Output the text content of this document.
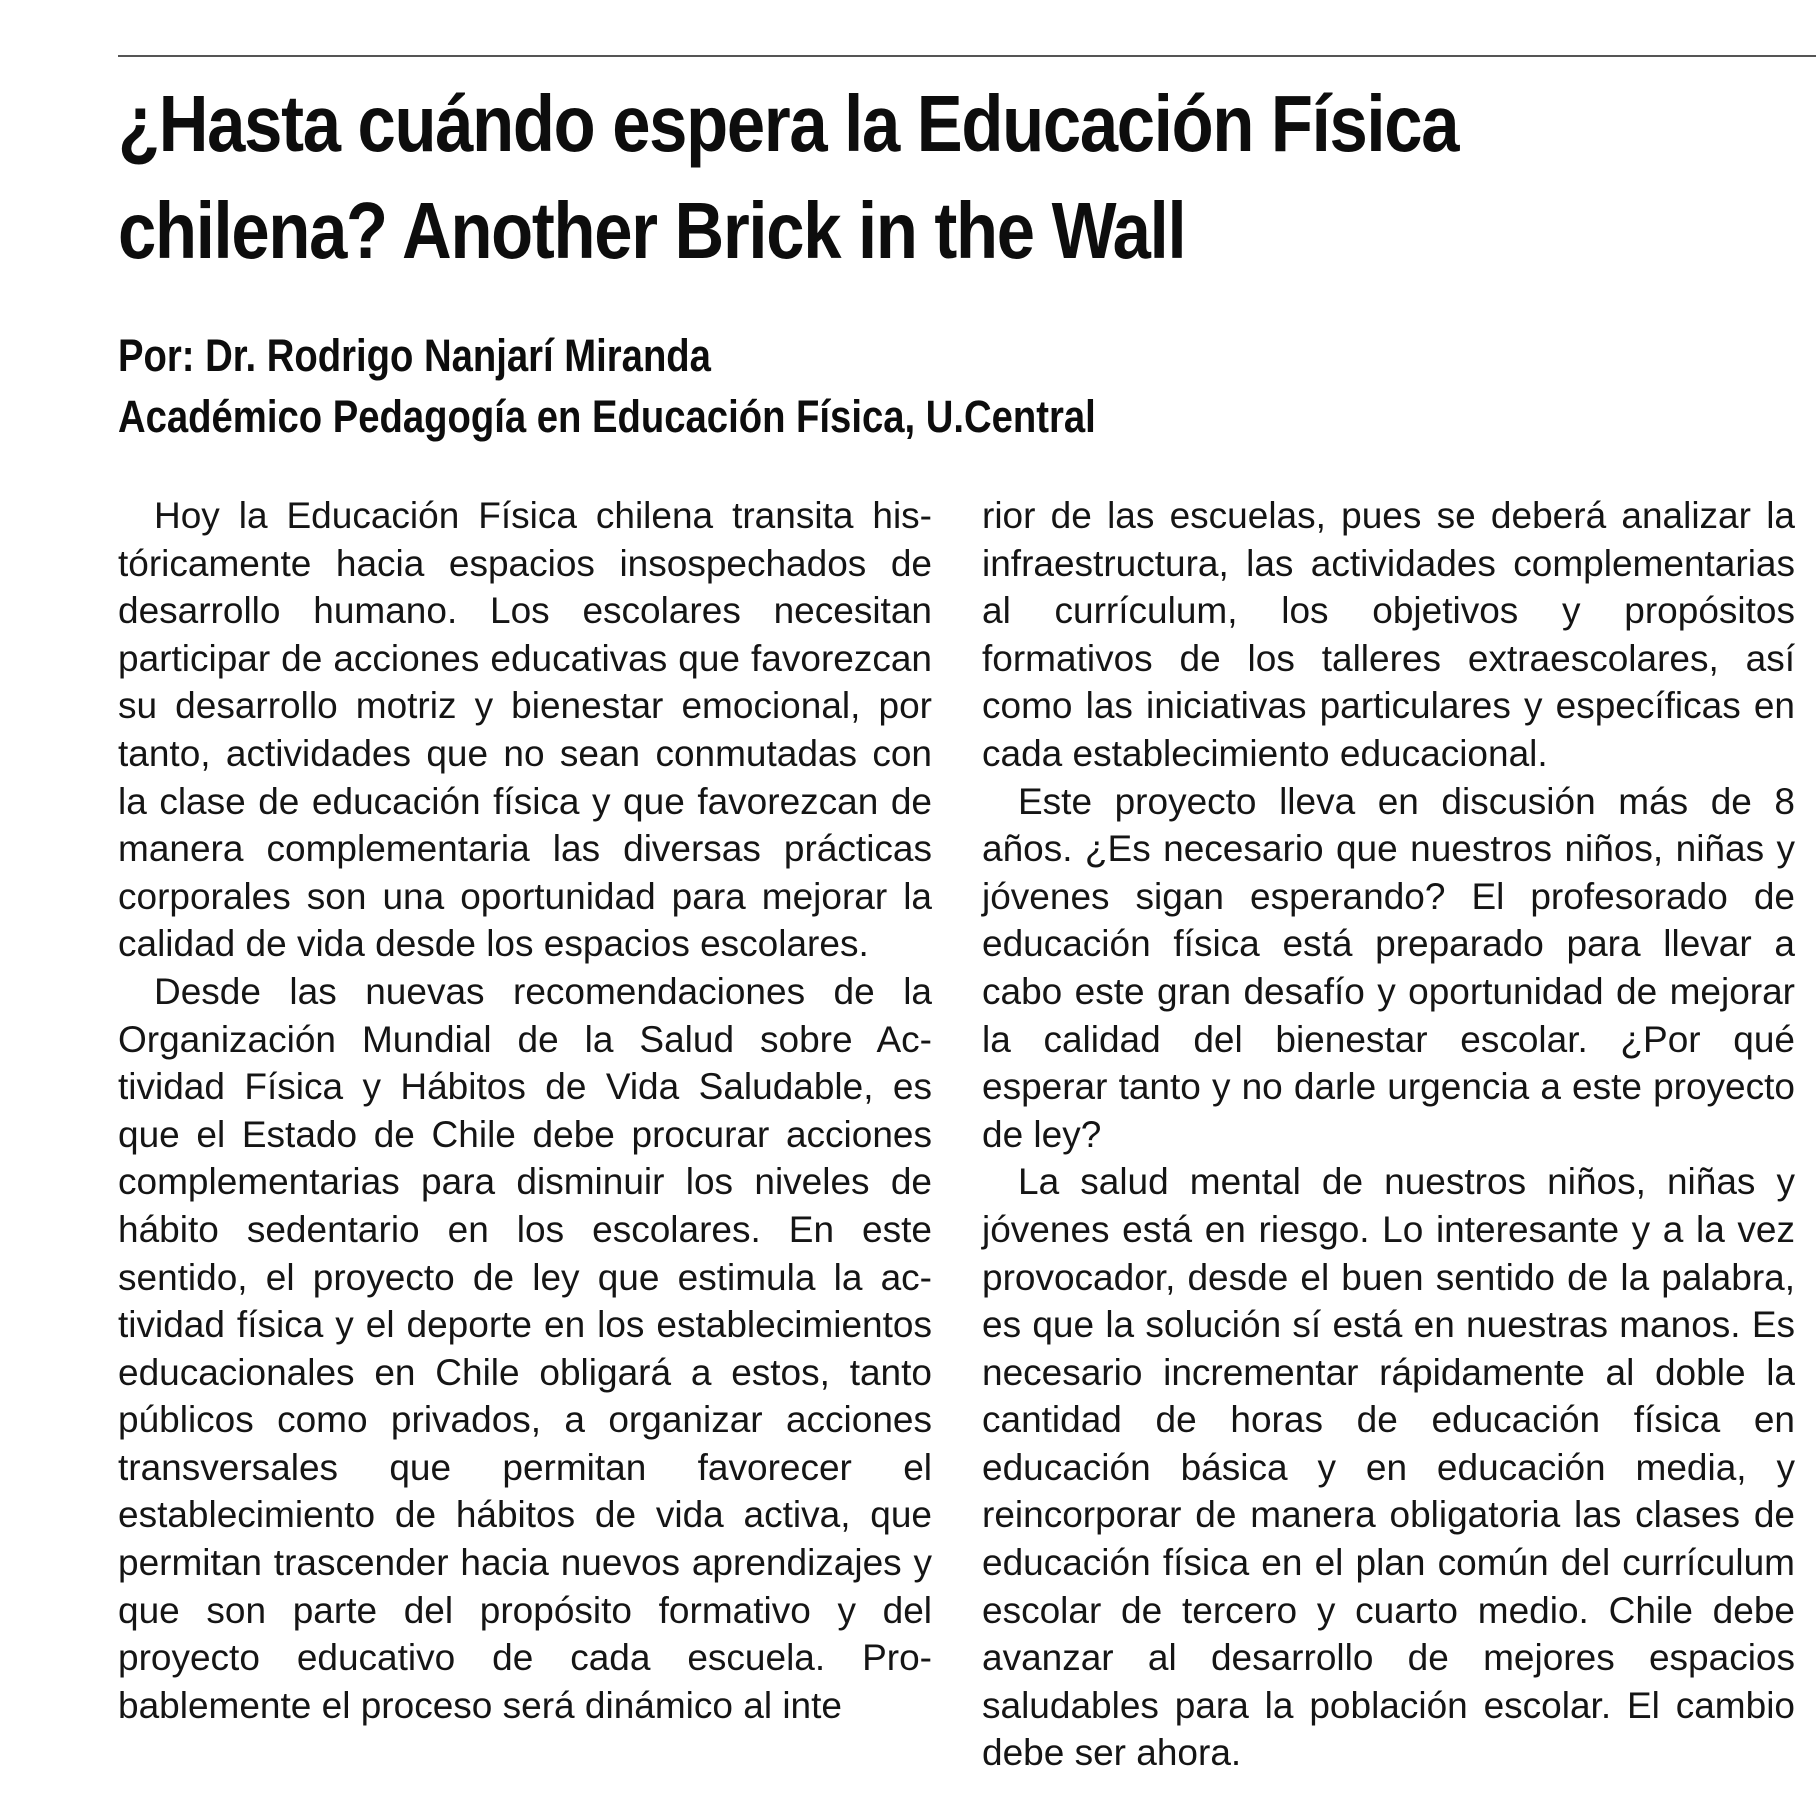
¿Hasta cuándo espera la Educación Física chilena? Another Brick in the Wall
Por: Dr. Rodrigo Nanjarí Miranda
Académico Pedagogía en Educación Física, U.Central

Hoy la Educación Física chilena transita históricamente hacia espacios insospechados de desarrollo humano. Los escolares necesitan participar de acciones educativas que favorezcan su desarrollo motriz y bienestar emocional, por tanto, actividades que no sean conmutadas con la clase de educación física y que favorezcan de manera complementaria las diversas prácticas corporales son una oportunidad para mejorar la calidad de vida desde los espacios escolares.

Desde las nuevas recomendaciones de la Organización Mundial de la Salud sobre Actividad Física y Hábitos de Vida Saludable, es que el Estado de Chile debe procurar acciones complementarias para disminuir los niveles de hábito sedentario en los escolares. En este sentido, el proyecto de ley que estimula la actividad física y el deporte en los establecimientos educacionales en Chile obligará a estos, tanto públicos como privados, a organizar acciones transversales que permitan favorecer el establecimiento de hábitos de vida activa, que permitan trascender hacia nuevos aprendizajes y que son parte del propósito formativo y del proyecto educativo de cada escuela. Probablemente el proceso será dinámico al inte

rior de las escuelas, pues se deberá analizar la infraestructura, las actividades complementarias al currículum, los objetivos y propósitos formativos de los talleres extraescolares, así como las iniciativas particulares y específicas en cada establecimiento educacional.

Este proyecto lleva en discusión más de 8 años. ¿Es necesario que nuestros niños, niñas y jóvenes sigan esperando? El profesorado de educación física está preparado para llevar a cabo este gran desafío y oportunidad de mejorar la calidad del bienestar escolar. ¿Por qué esperar tanto y no darle urgencia a este proyecto de ley?

La salud mental de nuestros niños, niñas y jóvenes está en riesgo. Lo interesante y a la vez provocador, desde el buen sentido de la palabra, es que la solución sí está en nuestras manos. Es necesario incrementar rápidamente al doble la cantidad de horas de educación física en educación básica y en educación media, y reincorporar de manera obligatoria las clases de educación física en el plan común del currículum escolar de tercero y cuarto medio. Chile debe avanzar al desarrollo de mejores espacios saludables para la población escolar. El cambio debe ser ahora.
